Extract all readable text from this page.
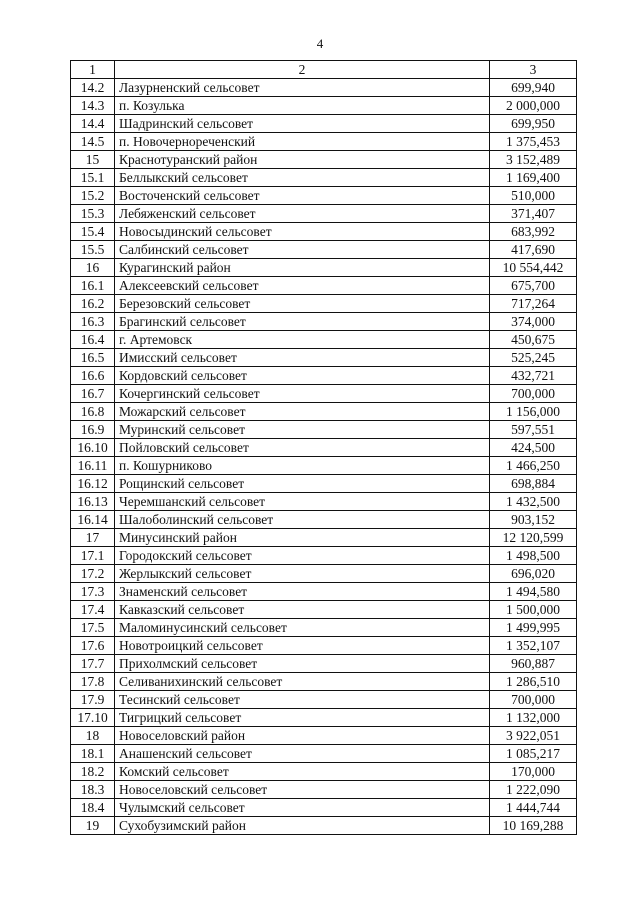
4
1	2	3
14.2	Лазурненский сельсовет	699,940
14.3	п. Козулька	2 000,000
14.4	Шадринский сельсовет	699,950
14.5	п. Новочернореченский	1 375,453
15	Краснотуранский район	3 152,489
15.1	Беллыкский сельсовет	1 169,400
15.2	Восточенский сельсовет	510,000
15.3	Лебяженский сельсовет	371,407
15.4	Новосыдинский сельсовет	683,992
15.5	Салбинский сельсовет	417,690
16	Курагинский район	10 554,442
16.1	Алексеевский сельсовет	675,700
16.2	Березовский сельсовет	717,264
16.3	Брагинский сельсовет	374,000
16.4	г. Артемовск	450,675
16.5	Имисский сельсовет	525,245
16.6	Кордовский сельсовет	432,721
16.7	Кочергинский сельсовет	700,000
16.8	Можарский сельсовет	1 156,000
16.9	Муринский сельсовет	597,551
16.10	Пойловский сельсовет	424,500
16.11	п. Кошурниково	1 466,250
16.12	Рощинский сельсовет	698,884
16.13	Черемшанский сельсовет	1 432,500
16.14	Шалоболинский сельсовет	903,152
17	Минусинский район	12 120,599
17.1	Городокский сельсовет	1 498,500
17.2	Жерлыкский сельсовет	696,020
17.3	Знаменский сельсовет	1 494,580
17.4	Кавказский сельсовет	1 500,000
17.5	Маломинусинский сельсовет	1 499,995
17.6	Новотроицкий сельсовет	1 352,107
17.7	Прихолмский сельсовет	960,887
17.8	Селиванихинский сельсовет	1 286,510
17.9	Тесинский сельсовет	700,000
17.10	Тигрицкий сельсовет	1 132,000
18	Новоселовский район	3 922,051
18.1	Анашенский сельсовет	1 085,217
18.2	Комский сельсовет	170,000
18.3	Новоселовский сельсовет	1 222,090
18.4	Чулымский сельсовет	1 444,744
19	Сухобузимский район	10 169,288
